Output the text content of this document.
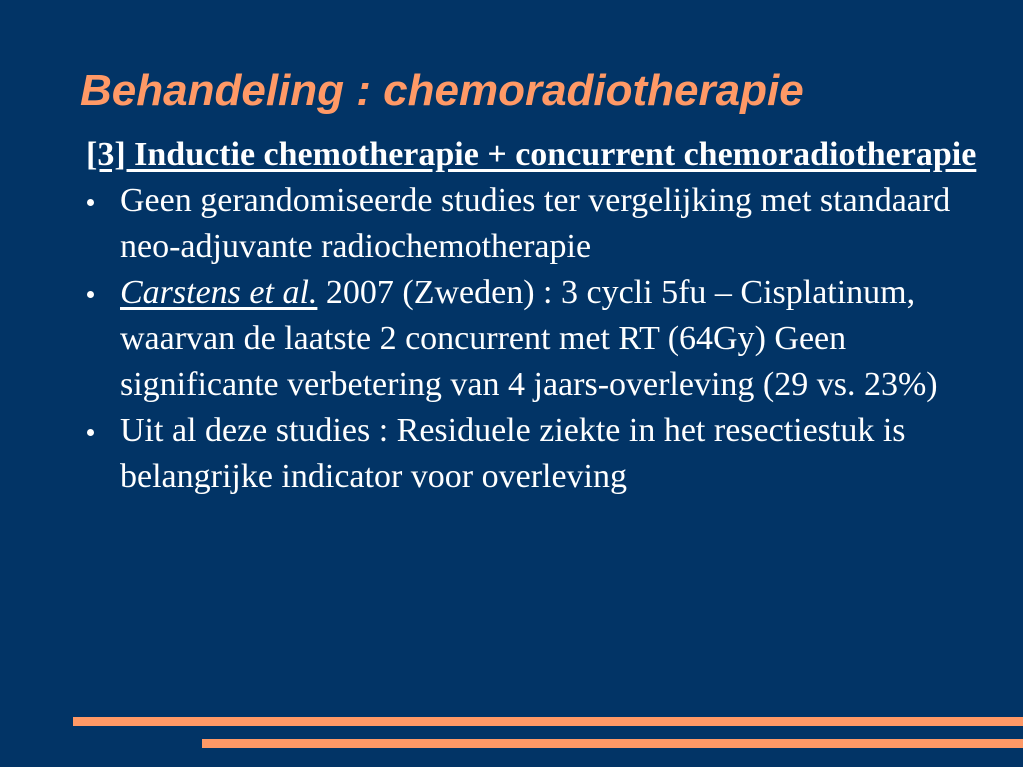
Behandeling : chemoradiotherapie
[3] Inductie chemotherapie + concurrent chemoradiotherapie
Geen gerandomiseerde studies ter vergelijking met standaard neo-adjuvante radiochemotherapie
Carstens et al. 2007 (Zweden) : 3 cycli 5fu – Cisplatinum, waarvan de laatste 2 concurrent met RT (64Gy) Geen significante verbetering van 4 jaars-overleving (29 vs. 23%)
Uit al deze studies : Residuele ziekte in het resectiestuk is belangrijke indicator voor overleving
